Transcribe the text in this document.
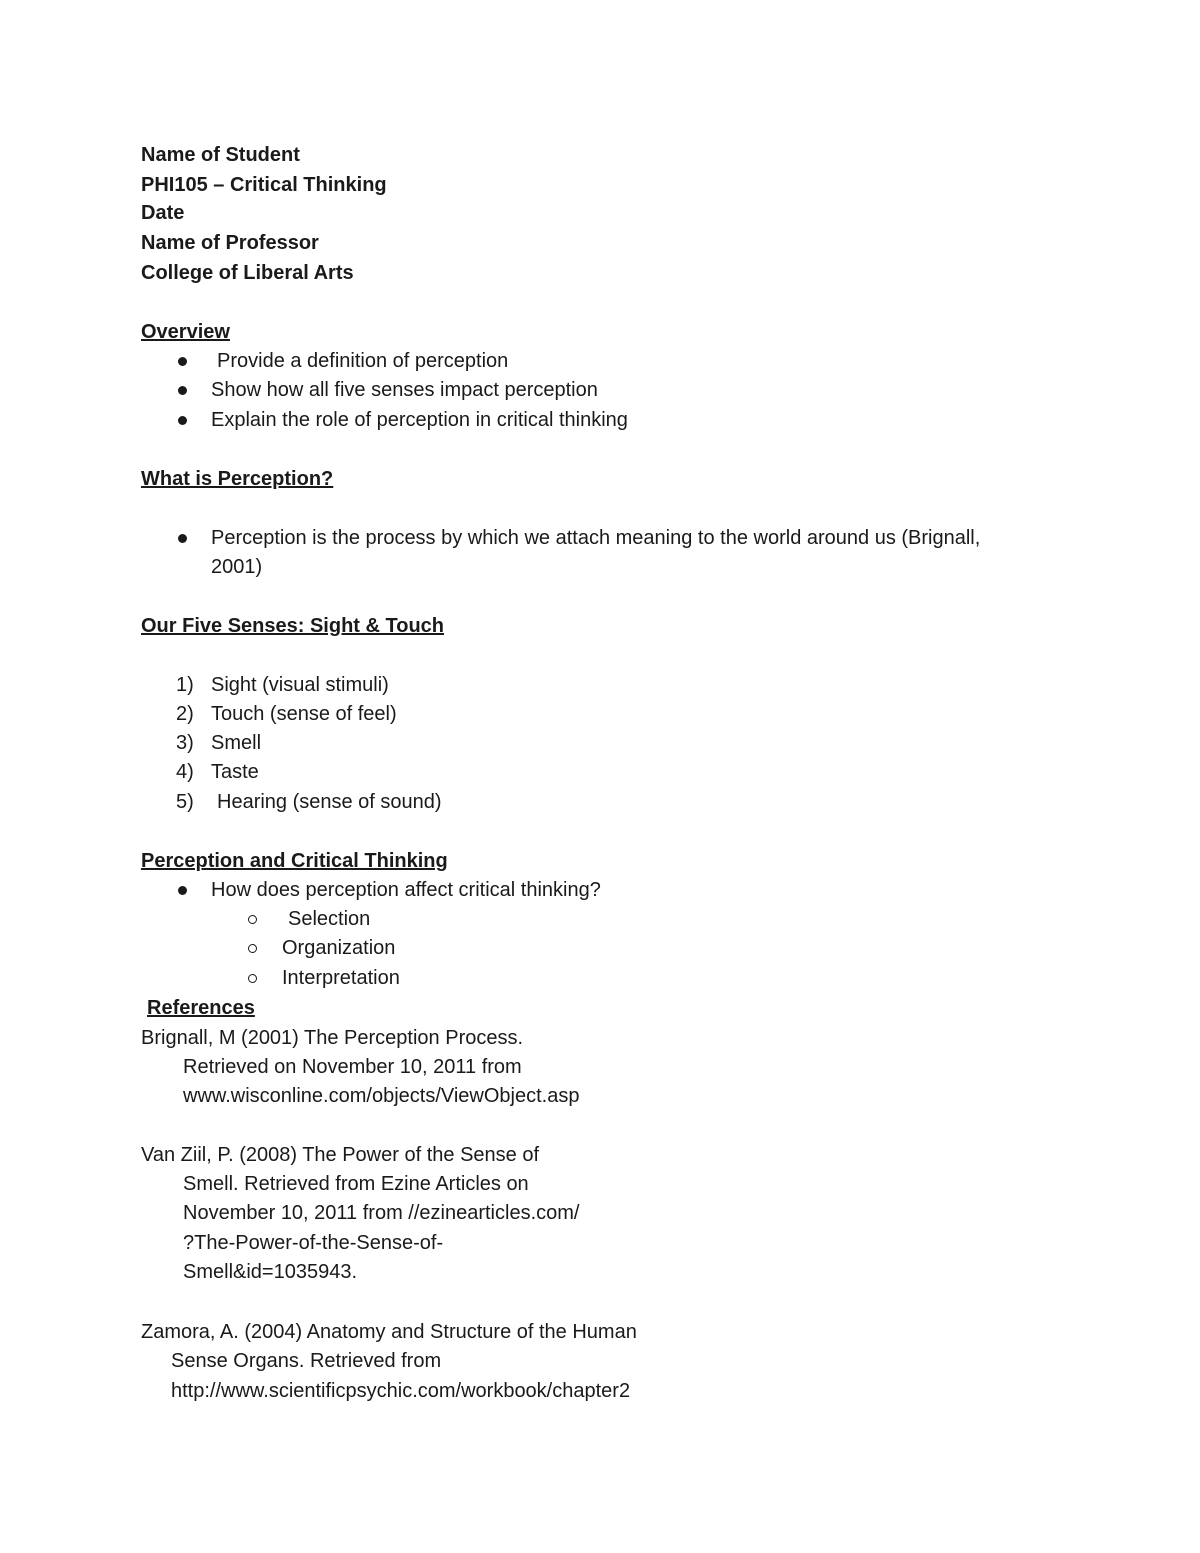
Name of Student
PHI105 – Critical Thinking
Date
Name of Professor
College of Liberal Arts
Overview
Provide a definition of perception
Show how all five senses impact perception
Explain the role of perception in critical thinking
What is Perception?
Perception is the process by which we attach meaning to the world around us (Brignall,
2001)
Our Five Senses: Sight & Touch
1) Sight (visual stimuli)
2) Touch (sense of feel)
3) Smell
4) Taste
5) Hearing (sense of sound)
Perception and Critical Thinking
How does perception affect critical thinking?
Selection
Organization
Interpretation
References
Brignall, M (2001) The Perception Process.
Retrieved on November 10, 2011 from
www.wisconline.com/objects/ViewObject.asp
Van Ziil, P. (2008) The Power of the Sense of
Smell. Retrieved from Ezine Articles on
November 10, 2011 from //ezinearticles.com/
?The-Power-of-the-Sense-of-
Smell&id=1035943.
Zamora, A. (2004) Anatomy and Structure of the Human
Sense Organs. Retrieved from
http://www.scientificpsychic.com/workbook/chapter2
